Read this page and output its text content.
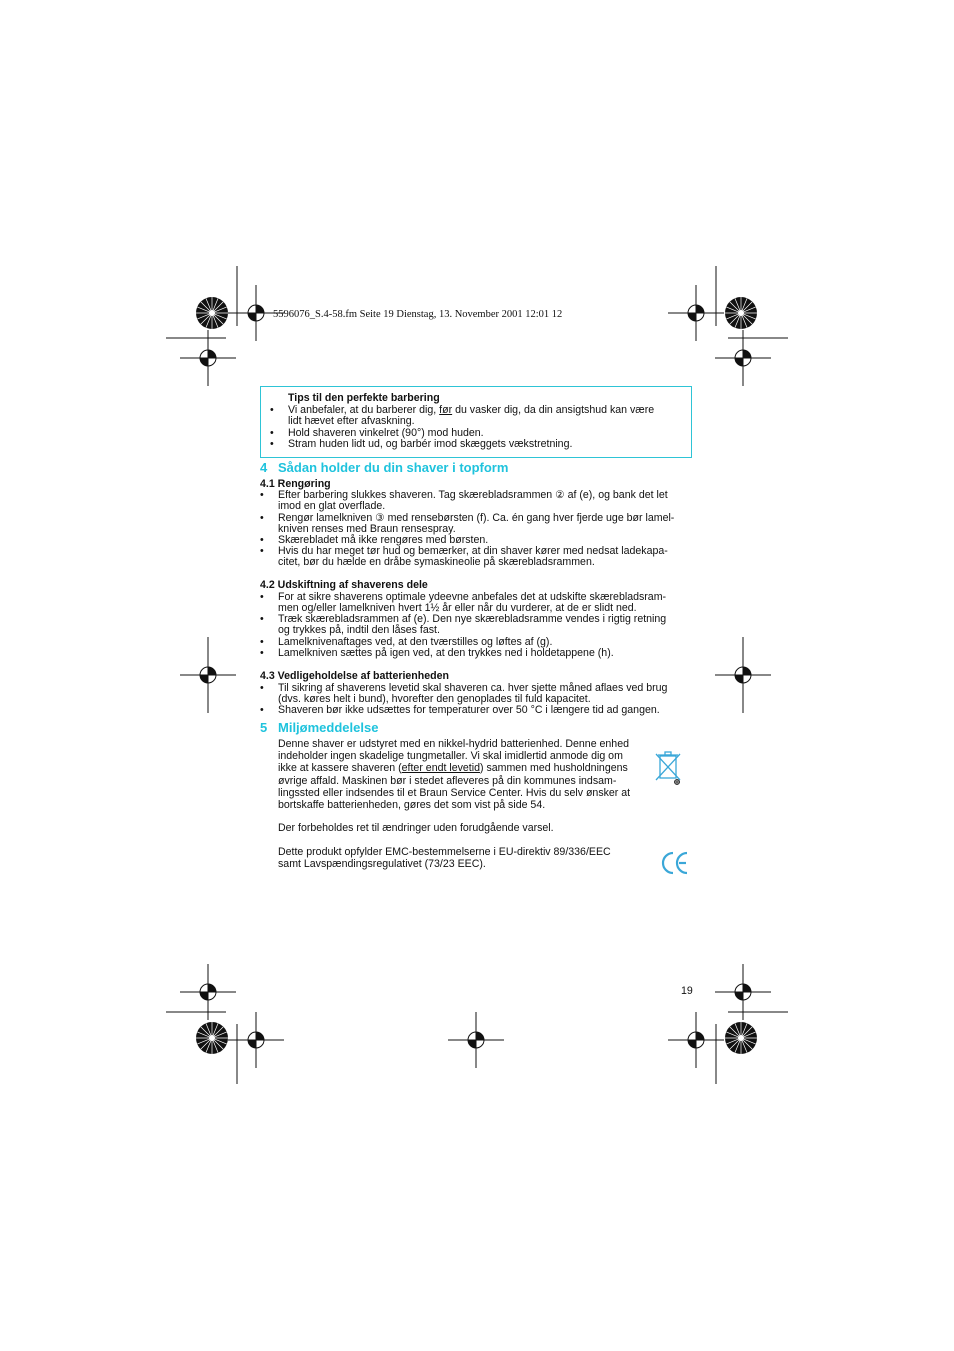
5596076_S.4-58.fm Seite 19 Dienstag, 13. November 2001 12:01 12
Tips til den perfekte barbering
• Vi anbefaler, at du barberer dig, før du vasker dig, da din ansigtshud kan være
lidt hævet efter afvaskning.
• Hold shaveren vinkelret (90°) mod huden.
• Stram huden lidt ud, og barbér imod skæggets vækstretning.
4 Sådan holder du din shaver i topform
4.1 Rengøring
• Efter barbering slukkes shaveren. Tag skærebladsrammen ② af (e), og bank det let
imod en glat overflade.
• Rengør lamelkniven ③ med rensebørsten (f). Ca. én gang hver fjerde uge bør lamel-
kniven renses med Braun rensespray.
• Skærebladet må ikke rengøres med børsten.
• Hvis du har meget tør hud og bemærker, at din shaver kører med nedsat ladekapa-
citet, bør du hælde en dråbe symaskineolie på skærebladsrammen.
4.2 Udskiftning af shaverens dele
• For at sikre shaverens optimale ydeevne anbefales det at udskifte skærebladsram-
men og/eller lamelkniven hvert 1½ år eller når du vurderer, at de er slidt ned.
• Træk skærebladsrammen af (e). Den nye skærebladsramme vendes i rigtig retning
og trykkes på, indtil den låses fast.
• Lamelknivenaftages ved, at den tværstilles og løftes af (g).
• Lamelkniven sættes på igen ved, at den trykkes ned i holdetappene (h).
4.3 Vedligeholdelse af batterienheden
• Til sikring af shaverens levetid skal shaveren ca. hver sjette måned aflaes ved brug
(dvs. køres helt i bund), hvorefter den genoplades til fuld kapacitet.
• Shaveren bør ikke udsættes for temperaturer over 50 °C i længere tid ad gangen.
5 Miljømeddelelse
Denne shaver er udstyret med en nikkel-hydrid batterienhed. Denne enhed
indeholder ingen skadelige tungmetaller. Vi skal imidlertid anmode dig om
ikke at kassere shaveren (efter endt levetid) sammen med husholdningens
øvrige affald. Maskinen bør i stedet afleveres på din kommunes indsam-
lingssted eller indsendes til et Braun Service Center. Hvis du selv ønsker at
bortskaffe batterienheden, gøres det som vist på side 54.
Der forbeholdes ret til ændringer uden forudgående varsel.
Dette produkt opfylder EMC-bestemmelserne i EU-direktiv 89/336/EEC
samt Lavspændingsregulativet (73/23 EEC).
19
